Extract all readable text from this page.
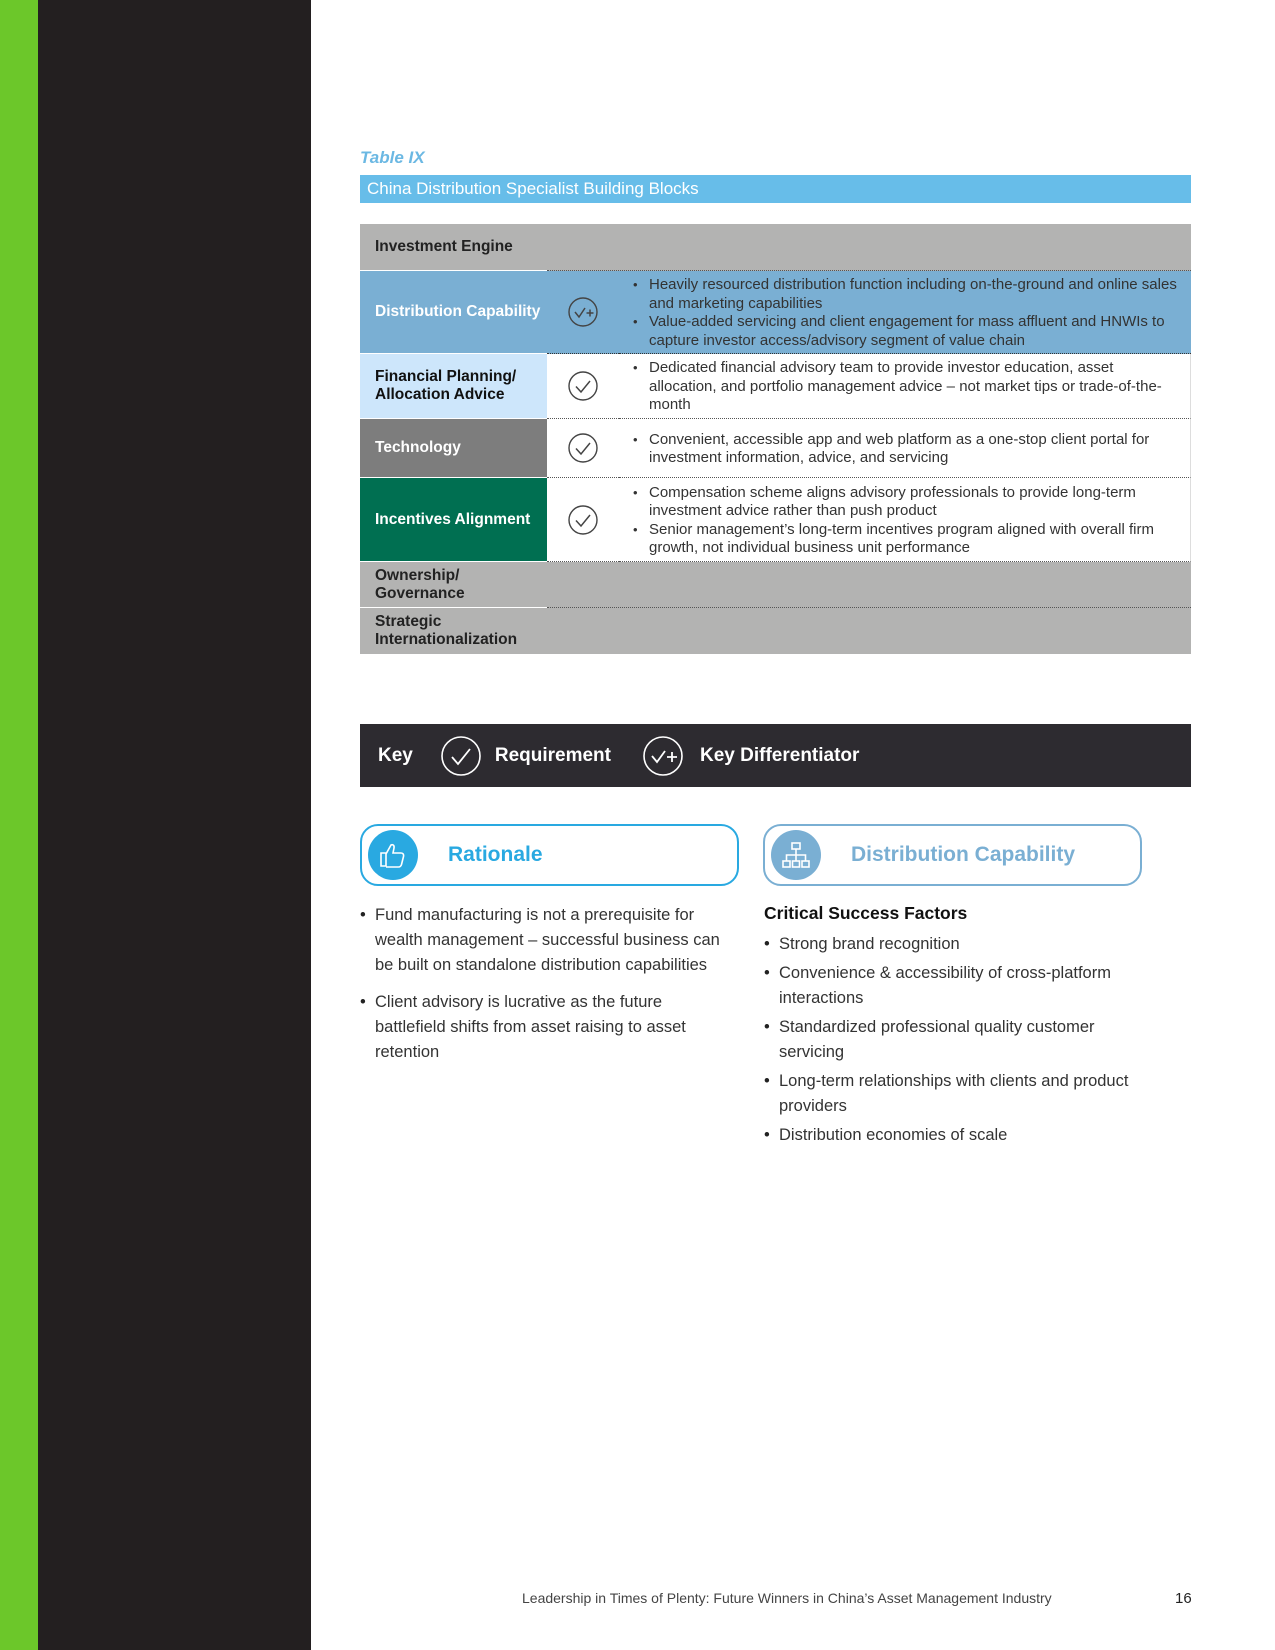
Table IX
China Distribution Specialist Building Blocks
Investment Engine
Distribution Capability
• Heavily resourced distribution function including on-the-ground and online sales and marketing capabilities
• Value-added servicing and client engagement for mass affluent and HNWIs to capture investor access/advisory segment of value chain
Financial Planning/ Allocation Advice
• Dedicated financial advisory team to provide investor education, asset allocation, and portfolio management advice – not market tips or trade-of-the-month
Technology
•	Convenient, accessible app and web platform as a one-stop client portal for investment information, advice, and servicing
Incentives Alignment
• Compensation scheme aligns advisory professionals to provide long-term investment advice rather than push product
• Senior management’s long-term incentives program aligned with overall firm growth, not individual business unit performance
Ownership/ Governance
Strategic Internationalization
Key	Requirement	Key Differentiator
Rationale	Distribution Capability
• Fund manufacturing is not a prerequisite for wealth management – successful business can be built on standalone distribution capabilities
• Client advisory is lucrative as the future battlefield shifts from asset raising to asset retention
Critical Success Factors
• Strong brand recognition
• Convenience & accessibility of cross-platform interactions
• Standardized professional quality customer servicing
• Long-term relationships with clients and product providers
• Distribution economies of scale
Leadership in Times of Plenty: Future Winners in China’s Asset Management Industry	16
